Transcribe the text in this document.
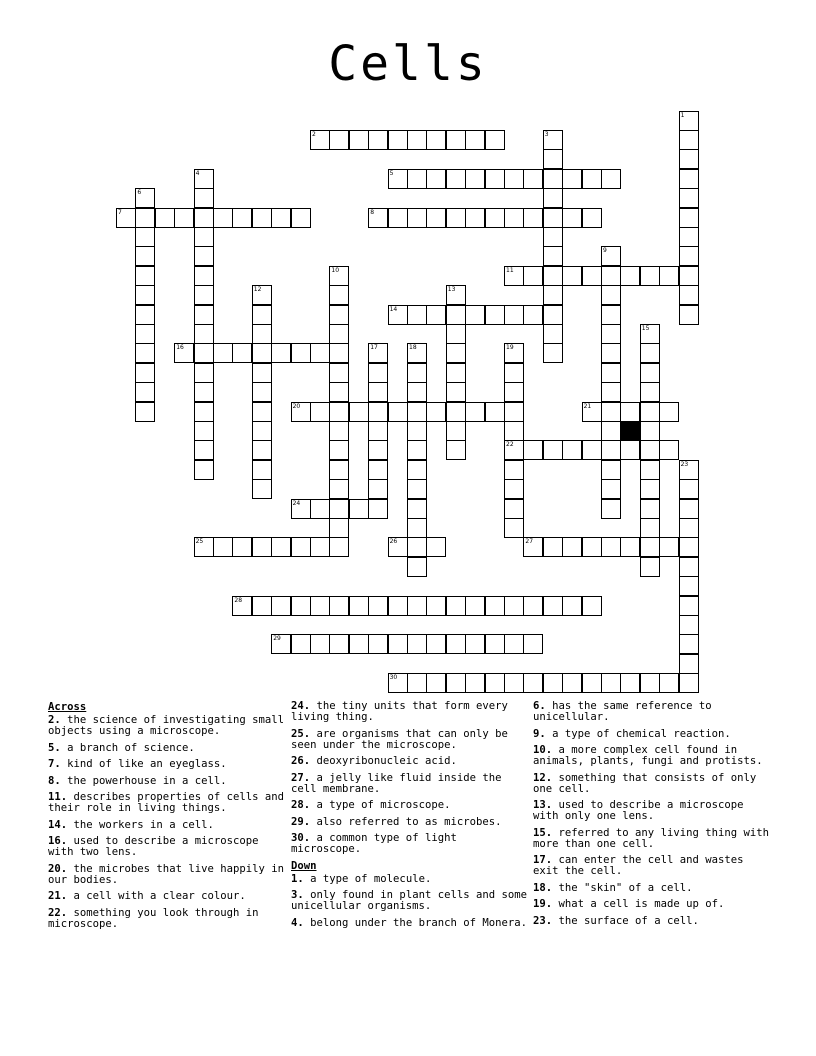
Cells
1
2	3
4	5
6
7	8
9
10	11
12	13
14
15
16	17	18	19
22
20	21
23
24
25	26	27
28
29
30
Across
2. the science of investigating small objects using a microscope.
5. a branch of science.
7. kind of like an eyeglass.
8. the powerhouse in a cell.
11. describes properties of cells and their role in living things.
14. the workers in a cell.
16. used to describe a microscope with two lens.
20. the microbes that live happily in our bodies.
21. a cell with a clear colour.
22. something you look through in microscope.
24. the tiny units that form every living thing.
25. are organisms that can only be seen under the microscope.
26. deoxyribonucleic acid.
27. a jelly like fluid inside the cell membrane.
28. a type of microscope.
29. also referred to as microbes.
30. a common type of light microscope.
Down
1. a type of molecule.
3. only found in plant cells and some unicellular organisms.
4. belong under the branch of Monera.
6. has the same reference to unicellular.
9. a type of chemical reaction.
10. a more complex cell found in animals, plants, fungi and protists.
12. something that consists of only one cell.
13. used to describe a microscope with only one lens.
15. referred to any living thing with more than one cell.
17. can enter the cell and wastes exit the cell.
18. the "skin" of a cell.
19. what a cell is made up of.
23. the surface of a cell.
